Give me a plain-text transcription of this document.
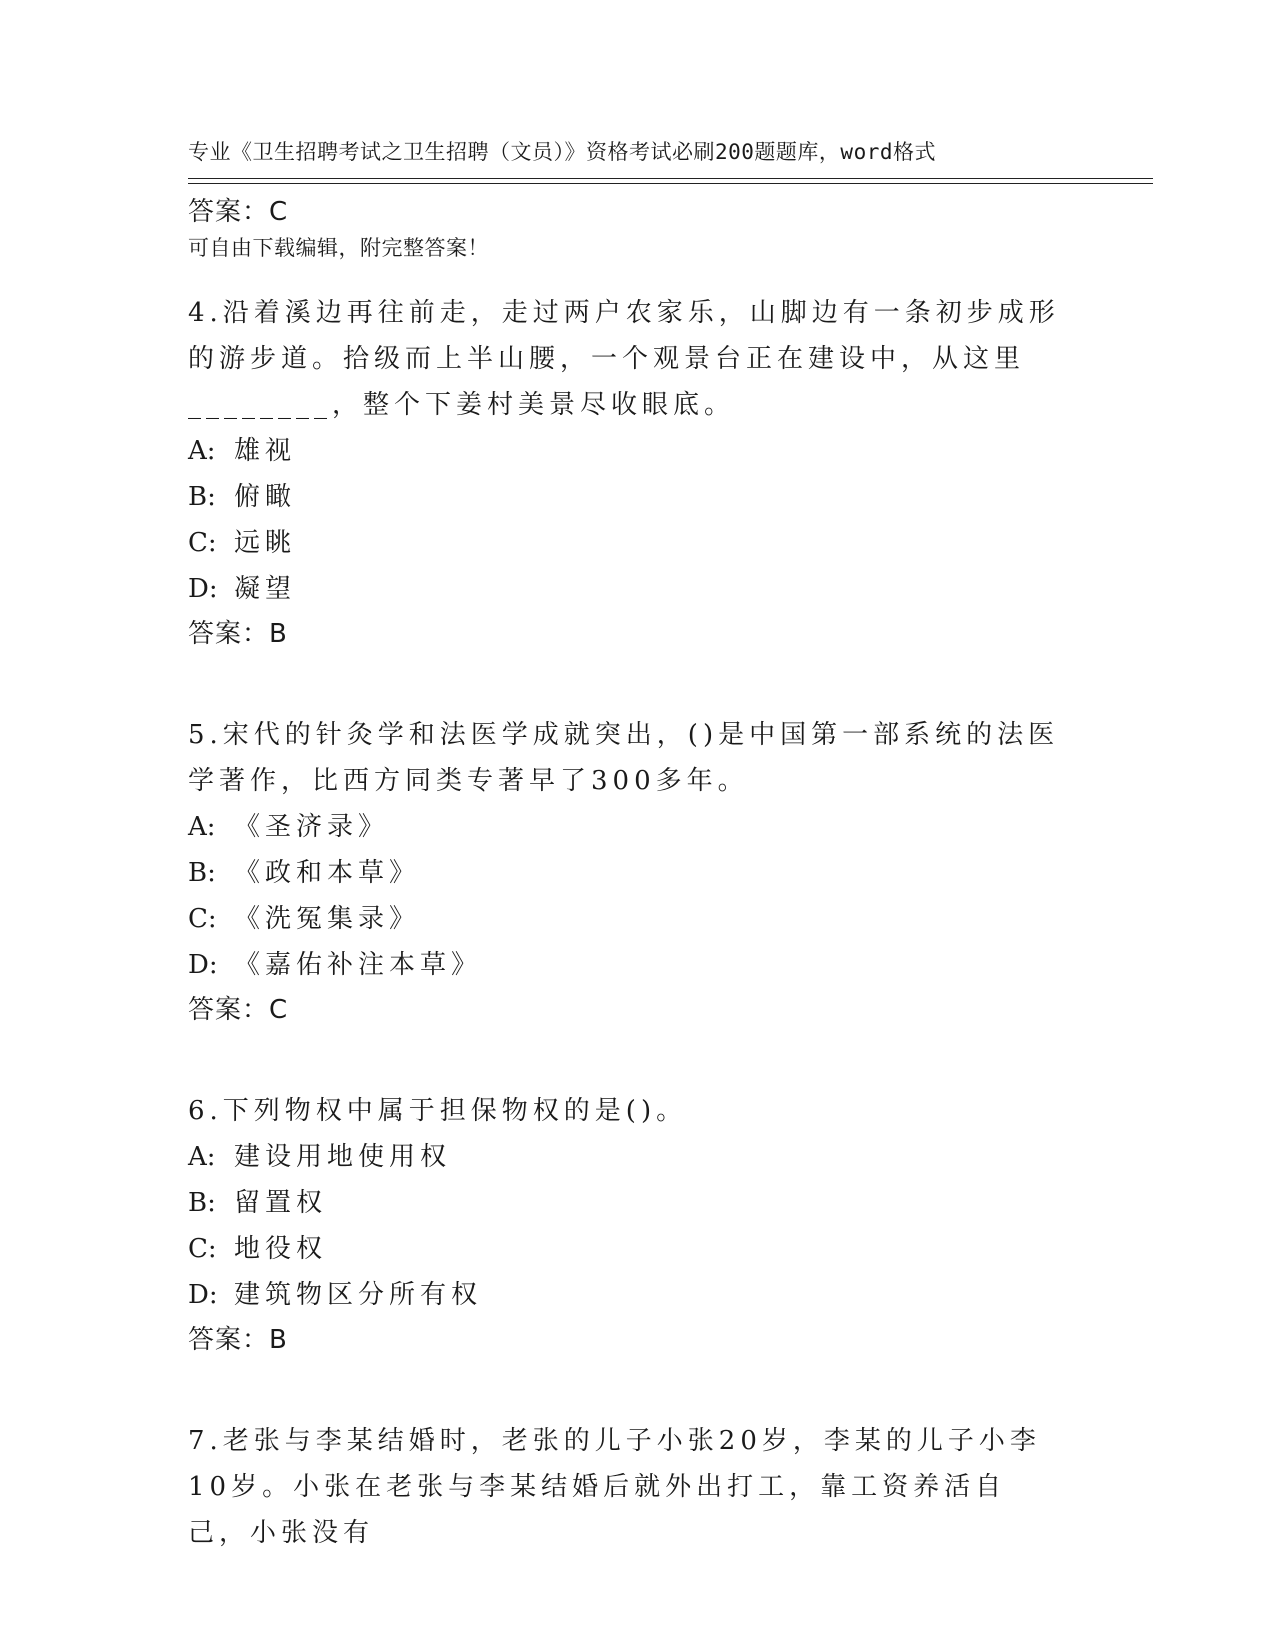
专业《卫生招聘考试之卫生招聘（文员）》资格考试必刷200题题库，word格式

可自由下载编辑，附完整答案！

答案：C
4.沿着溪边再往前走，走过两户农家乐，山脚边有一条初步成形的游步道。拾级而上半山腰，一个观景台正在建设中，从这里________，整个下姜村美景尽收眼底。
A: 雄视
B: 俯瞰
C: 远眺
D: 凝望
答案：B
5.宋代的针灸学和法医学成就突出，()是中国第一部系统的法医学著作，比西方同类专著早了300多年。
A: 《圣济录》
B: 《政和本草》
C: 《洗冤集录》
D: 《嘉佑补注本草》
答案：C
6.下列物权中属于担保物权的是()。
A: 建设用地使用权
B: 留置权
C: 地役权
D: 建筑物区分所有权
答案：B
7.老张与李某结婚时，老张的儿子小张20岁，李某的儿子小李10岁。小张在老张与李某结婚后就外出打工，靠工资养活自己，小张没有
